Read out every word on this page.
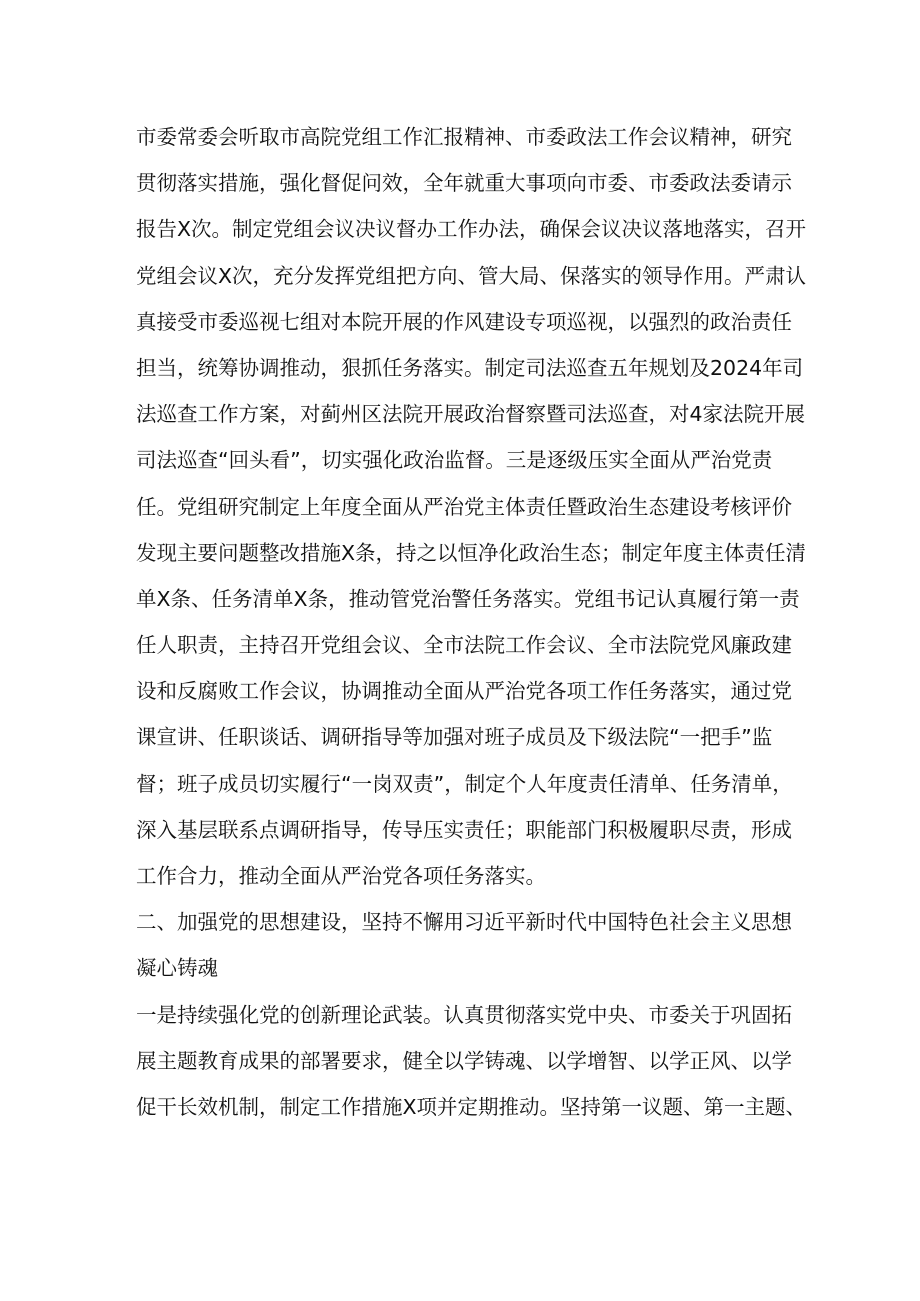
市委常委会听取市高院党组工作汇报精神、市委政法工作会议精神，研究
贯彻落实措施，强化督促问效，全年就重大事项向市委、市委政法委请示
报告X次。制定党组会议决议督办工作办法，确保会议决议落地落实，召开
党组会议X次，充分发挥党组把方向、管大局、保落实的领导作用。严肃认
真接受市委巡视七组对本院开展的作风建设专项巡视，以强烈的政治责任
担当，统筹协调推动，狠抓任务落实。制定司法巡查五年规划及2024年司
法巡查工作方案，对蓟州区法院开展政治督察暨司法巡查，对4家法院开展
司法巡查“回头看”，切实强化政治监督。三是逐级压实全面从严治党责
任。党组研究制定上年度全面从严治党主体责任暨政治生态建设考核评价
发现主要问题整改措施X条，持之以恒净化政治生态；制定年度主体责任清
单X条、任务清单X条，推动管党治警任务落实。党组书记认真履行第一责
任人职责，主持召开党组会议、全市法院工作会议、全市法院党风廉政建
设和反腐败工作会议，协调推动全面从严治党各项工作任务落实，通过党
课宣讲、任职谈话、调研指导等加强对班子成员及下级法院“一把手”监
督；班子成员切实履行“一岗双责”，制定个人年度责任清单、任务清单，
深入基层联系点调研指导，传导压实责任；职能部门积极履职尽责，形成
工作合力，推动全面从严治党各项任务落实。
二、加强党的思想建设，坚持不懈用习近平新时代中国特色社会主义思想
凝心铸魂
一是持续强化党的创新理论武装。认真贯彻落实党中央、市委关于巩固拓
展主题教育成果的部署要求，健全以学铸魂、以学增智、以学正风、以学
促干长效机制，制定工作措施X项并定期推动。坚持第一议题、第一主题、
